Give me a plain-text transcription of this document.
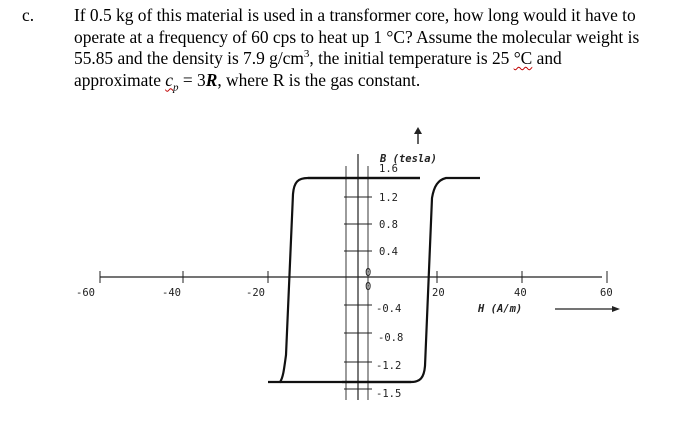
c. If 0.5 kg of this material is used in a transformer core, how long would it have to
operate at a frequency of 60 cps to heat up 1 °C? Assume the molecular weight is
55.85 and the density is 7.9 $g/cm^3$, the initial temperature is 25 °C and
approximate $c_p = 3R$, where R is the gas constant.
B (tesla)
1.6
1.2
0.8
0.4
0
0
-0.4
-0.8
-1.2
-1.5
-60	-40	-20	20	40	60
H (A/m)
